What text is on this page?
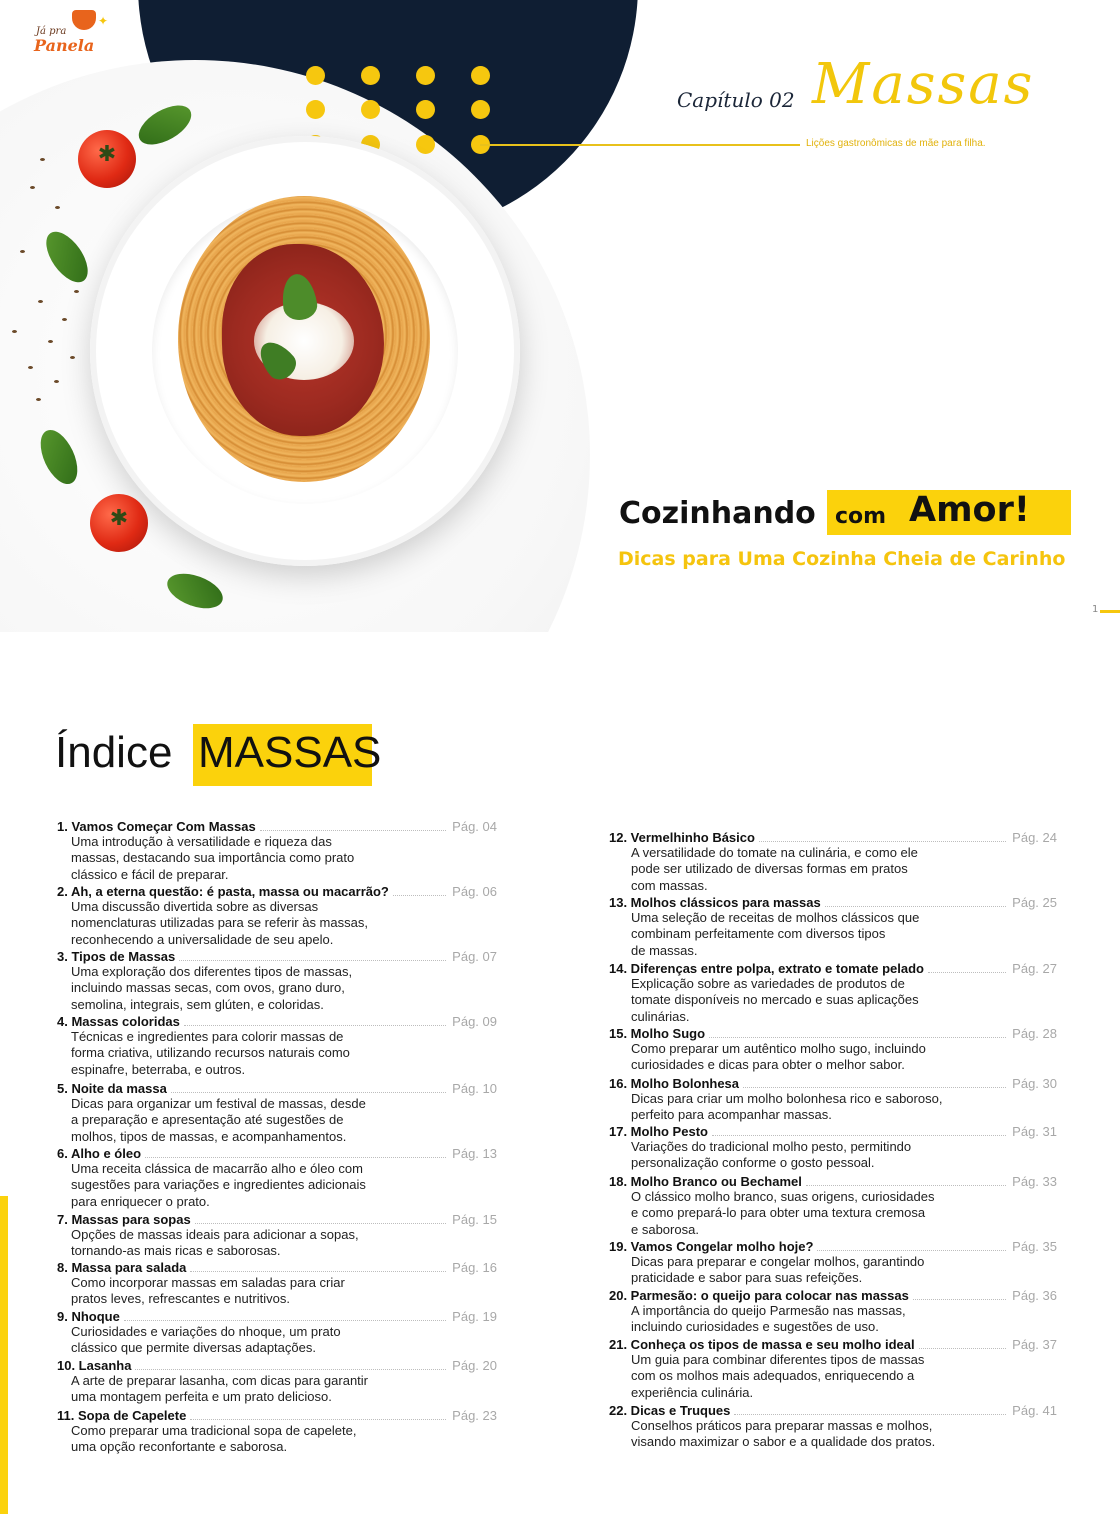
✦
Já pra
Panela
Capítulo 02 Massas
Lições gastronômicas de mãe para filha.
✱
✱	Cozinhando com Amor!
Dicas para Uma Cozinha Cheia de Carinho
1
Índice MASSAS
1. Vamos Começar Com Massas	Pág. 04
Uma introdução à versatilidade e riqueza das
massas, destacando sua importância como prato
clássico e fácil de preparar.
2. Ah, a eterna questão: é pasta, massa ou macarrão?	Pág. 06
Uma discussão divertida sobre as diversas
nomenclaturas utilizadas para se referir às massas,
reconhecendo a universalidade de seu apelo.
3. Tipos de Massas	Pág. 07
Uma exploração dos diferentes tipos de massas,
incluindo massas secas, com ovos, grano duro,
semolina, integrais, sem glúten, e coloridas.
4. Massas coloridas	Pág. 09
Técnicas e ingredientes para colorir massas de
forma criativa, utilizando recursos naturais como
espinafre, beterraba, e outros.
5. Noite da massa	Pág. 10
Dicas para organizar um festival de massas, desde
a preparação e apresentação até sugestões de
molhos, tipos de massas, e acompanhamentos.
6. Alho e óleo	Pág. 13
Uma receita clássica de macarrão alho e óleo com
sugestões para variações e ingredientes adicionais
para enriquecer o prato.
7. Massas para sopas	Pág. 15
Opções de massas ideais para adicionar a sopas,
tornando-as mais ricas e saborosas.
8. Massa para salada	Pág. 16
Como incorporar massas em saladas para criar
pratos leves, refrescantes e nutritivos.
9. Nhoque	Pág. 19
Curiosidades e variações do nhoque, um prato
clássico que permite diversas adaptações.
10. Lasanha	Pág. 20
A arte de preparar lasanha, com dicas para garantir
uma montagem perfeita e um prato delicioso.
11. Sopa de Capelete	Pág. 23
Como preparar uma tradicional sopa de capelete,
uma opção reconfortante e saborosa.
12. Vermelhinho Básico	Pág. 24
A versatilidade do tomate na culinária, e como ele
pode ser utilizado de diversas formas em pratos
com massas.
13. Molhos clássicos para massas	Pág. 25
Uma seleção de receitas de molhos clássicos que
combinam perfeitamente com diversos tipos
de massas.
14. Diferenças entre polpa, extrato e tomate pelado	Pág. 27
Explicação sobre as variedades de produtos de
tomate disponíveis no mercado e suas aplicações
culinárias.
15. Molho Sugo	Pág. 28
Como preparar um autêntico molho sugo, incluindo
curiosidades e dicas para obter o melhor sabor.
16. Molho Bolonhesa	Pág. 30
Dicas para criar um molho bolonhesa rico e saboroso,
perfeito para acompanhar massas.
17. Molho Pesto	Pág. 31
Variações do tradicional molho pesto, permitindo
personalização conforme o gosto pessoal.
18. Molho Branco ou Bechamel	Pág. 33
O clássico molho branco, suas origens, curiosidades
e como prepará-lo para obter uma textura cremosa
e saborosa.
19. Vamos Congelar molho hoje?	Pág. 35
Dicas para preparar e congelar molhos, garantindo
praticidade e sabor para suas refeições.
20. Parmesão: o queijo para colocar nas massas	Pág. 36
A importância do queijo Parmesão nas massas,
incluindo curiosidades e sugestões de uso.
21. Conheça os tipos de massa e seu molho ideal	Pág. 37
Um guia para combinar diferentes tipos de massas
com os molhos mais adequados, enriquecendo a
experiência culinária.
22. Dicas e Truques	Pág. 41
Conselhos práticos para preparar massas e molhos,
visando maximizar o sabor e a qualidade dos pratos.
